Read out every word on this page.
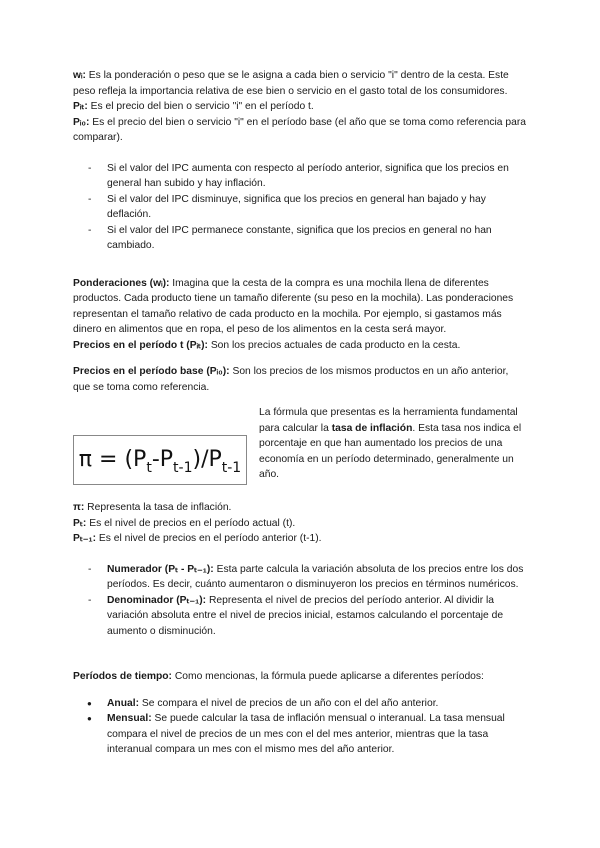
wᵢ: Es la ponderación o peso que se le asigna a cada bien o servicio "i" dentro de la cesta. Este peso refleja la importancia relativa de ese bien o servicio en el gasto total de los consumidores.

Pᵢₜ: Es el precio del bien o servicio "i" en el período t.

Pᵢ₀: Es el precio del bien o servicio "i" en el período base (el año que se toma como referencia para comparar).

- Si el valor del IPC aumenta con respecto al período anterior, significa que los precios en general han subido y hay inflación.
- Si el valor del IPC disminuye, significa que los precios en general han bajado y hay deflación.
- Si el valor del IPC permanece constante, significa que los precios en general no han cambiado.

Ponderaciones (wᵢ): Imagina que la cesta de la compra es una mochila llena de diferentes productos. Cada producto tiene un tamaño diferente (su peso en la mochila). Las ponderaciones representan el tamaño relativo de cada producto en la mochila. Por ejemplo, si gastamos más dinero en alimentos que en ropa, el peso de los alimentos en la cesta será mayor.

Precios en el período t (Pᵢₜ): Son los precios actuales de cada producto en la cesta.

Precios en el período base (Pᵢ₀): Son los precios de los mismos productos en un año anterior, que se toma como referencia.

$\pi = (P_t-P_{t-1})/P_{t-1}$

La fórmula que presentas es la herramienta fundamental para calcular la tasa de inflación. Esta tasa nos indica el porcentaje en que han aumentado los precios de una economía en un período determinado, generalmente un año.

π: Representa la tasa de inflación.

Pₜ: Es el nivel de precios en el período actual (t).

Pₜ₋₁: Es el nivel de precios en el período anterior (t-1).

- Numerador (Pₜ - Pₜ₋₁): Esta parte calcula la variación absoluta de los precios entre los dos períodos. Es decir, cuánto aumentaron o disminuyeron los precios en términos numéricos.
- Denominador (Pₜ₋₁): Representa el nivel de precios del período anterior. Al dividir la variación absoluta entre el nivel de precios inicial, estamos calculando el porcentaje de aumento o disminución.

Períodos de tiempo: Como mencionas, la fórmula puede aplicarse a diferentes períodos:

● Anual: Se compara el nivel de precios de un año con el del año anterior.
● Mensual: Se puede calcular la tasa de inflación mensual o interanual. La tasa mensual compara el nivel de precios de un mes con el del mes anterior, mientras que la tasa interanual compara un mes con el mismo mes del año anterior.
